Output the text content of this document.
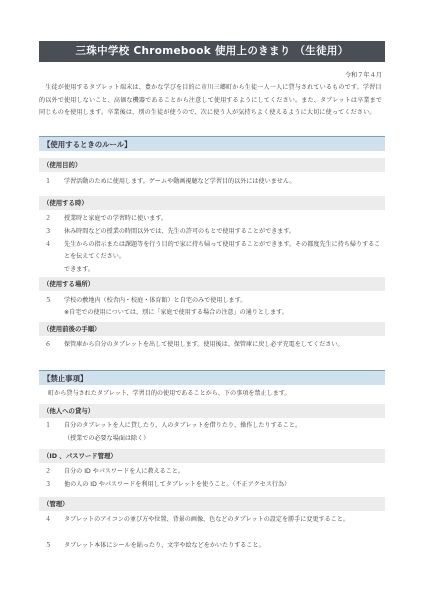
三珠中学校 Chromebook 使用上のきまり （生徒用）
令和７年４月
　生徒が使用するタブレット端末は、豊かな学びを目的に市川三郷町から生徒一人一人に貸与されているものです。学習目的以外で使用しないこと、高価な機器であることから注意して使用するようにしてください。また、タブレットは卒業まで同じものを使用します。卒業後は、別の生徒が使うので、次に使う人が気持ちよく使えるように大切に使ってください。
【使用するときのルール】
（使用目的）
１	学習活動のために使用します。ゲームや動画視聴など学習目的以外には使いません。
（使用する時）
２	授業時と家庭での学習時に使います。
３	休み時間などの授業の時間以外では、先生の許可のもとで使用することができます。
４	先生からの指示または課題等を行う目的で家に持ち帰って使用することができます。その都度先生に持ち帰りすることを伝えてください。
できます。
（使用する場所）
５	学校の敷地内（校舎内・校庭・体育館）と自宅のみで使用します。
※自宅での使用については、別に「家庭で使用する場合の注意」の通りとします。
（使用前後の手順）
６	保管庫から自分のタブレットを出して使用します。使用後は、保管庫に戻し必ず充電をしてください。
【禁止事項】
　町から貸与されたタブレット、学習目的の使用であることから、下の事項を禁止します。
（他人への貸与）
１	自分のタブレットを人に貸したり、人のタブレットを借りたり、操作したりすること。
（授業での必要な場面は除く）
（ID 、パスワード管理）
２	自分の ID やパスワードを人に教えること。
３	他の人の ID やパスワードを利用してタブレットを使うこと。（不正アクセス行為）
（管理）
４	タブレットのアイコンの並び方や位置、背景の画像、色などのタブレットの設定を勝手に変更すること。
５	タブレット本体にシールを貼ったり、文字や絵などをかいたりすること。
